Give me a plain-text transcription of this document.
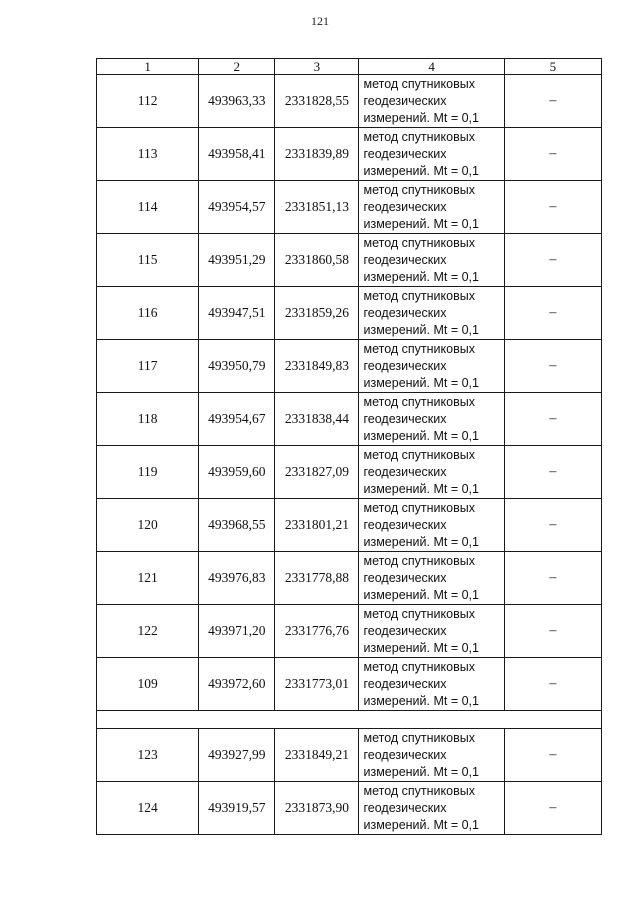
121
1	2	3	4	5
112	493963,33	2331828,55	метод спутниковых
геодезических
измерений. Mt = 0,1	–
113	493958,41	2331839,89	метод спутниковых
геодезических
измерений. Mt = 0,1	–
114	493954,57	2331851,13	метод спутниковых
геодезических
измерений. Mt = 0,1	–
115	493951,29	2331860,58	метод спутниковых
геодезических
измерений. Mt = 0,1	–
116	493947,51	2331859,26	метод спутниковых
геодезических
измерений. Mt = 0,1	–
117	493950,79	2331849,83	метод спутниковых
геодезических
измерений. Mt = 0,1	–
118	493954,67	2331838,44	метод спутниковых
геодезических
измерений. Mt = 0,1	–
119	493959,60	2331827,09	метод спутниковых
геодезических
измерений. Mt = 0,1	–
120	493968,55	2331801,21	метод спутниковых
геодезических
измерений. Mt = 0,1	–
121	493976,83	2331778,88	метод спутниковых
геодезических
измерений. Mt = 0,1	–
122	493971,20	2331776,76	метод спутниковых
геодезических
измерений. Mt = 0,1	–
109	493972,60	2331773,01	метод спутниковых
геодезических
измерений. Mt = 0,1	–

123	493927,99	2331849,21	метод спутниковых
геодезических
измерений. Mt = 0,1	–
124	493919,57	2331873,90	метод спутниковых
геодезических
измерений. Mt = 0,1	–
